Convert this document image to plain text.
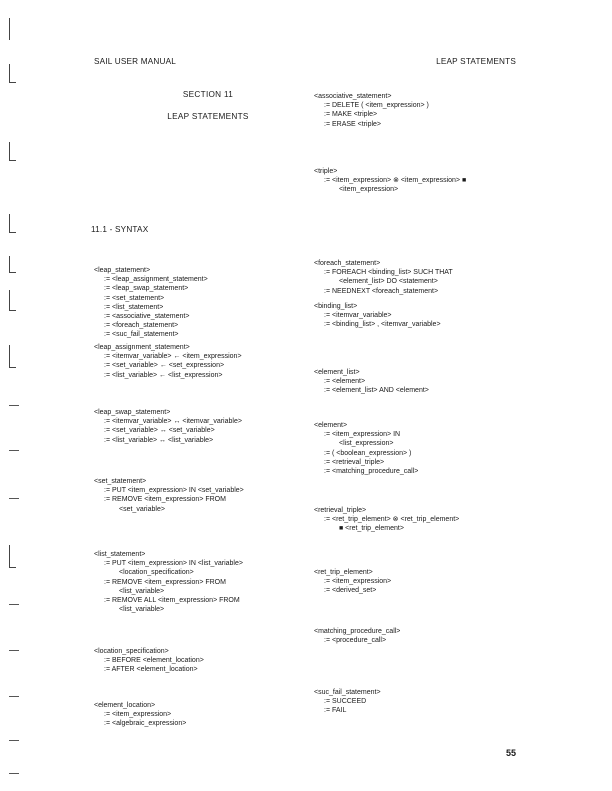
SAIL USER MANUAL	LEAP STATEMENTS
SECTION 11
LEAP STATEMENTS
11.1 - SYNTAX
<leap_statement>
:= <leap_assignment_statement>
:= <leap_swap_statement>
:= <set_statement>
:= <list_statement>
:= <associative_statement>
:= <foreach_statement>
:= <suc_fail_statement>
<leap_assignment_statement>
:= <itemvar_variable> ← <item_expression>
:= <set_variable> ← <set_expression>
:= <list_variable> ← <list_expression>
<leap_swap_statement>
:= <itemvar_variable> ↔ <itemvar_variable>
:= <set_variable> ↔ <set_variable>
:= <list_variable> ↔ <list_variable>
<set_statement>
:= PUT <item_expression> IN <set_variable>
:= REMOVE <item_expression> FROM
<set_variable>
<list_statement>
:= PUT <item_expression> IN <list_variable>
<location_specification>
:= REMOVE <item_expression> FROM
<list_variable>
:= REMOVE ALL <item_expression> FROM
<list_variable>
<location_specification>
:= BEFORE <element_location>
:= AFTER <element_location>
<element_location>
:= <item_expression>
:= <algebraic_expression>
<associative_statement>
:= DELETE ( <item_expression> )
:= MAKE <triple>
:= ERASE <triple>
<triple>
:= <item_expression> ⊗ <item_expression> ■
<item_expression>
<foreach_statement>
:= FOREACH <binding_list> SUCH THAT
<element_list> DO <statement>
:= NEEDNEXT <foreach_statement>
<binding_list>
:= <itemvar_variable>
:= <binding_list> , <itemvar_variable>
<element_list>
:= <element>
:= <element_list> AND <element>
<element>
:= <item_expression> IN
<list_expression>
:= ( <boolean_expression> )
:= <retrieval_triple>
:= <matching_procedure_call>
<retrieval_triple>
:= <ret_trip_element> ⊗ <ret_trip_element>
■ <ret_trip_element>
<ret_trip_element>
:= <item_expression>
:= <derived_set>
<matching_procedure_call>
:= <procedure_call>
<suc_fail_statement>
:= SUCCEED
:= FAIL
55
